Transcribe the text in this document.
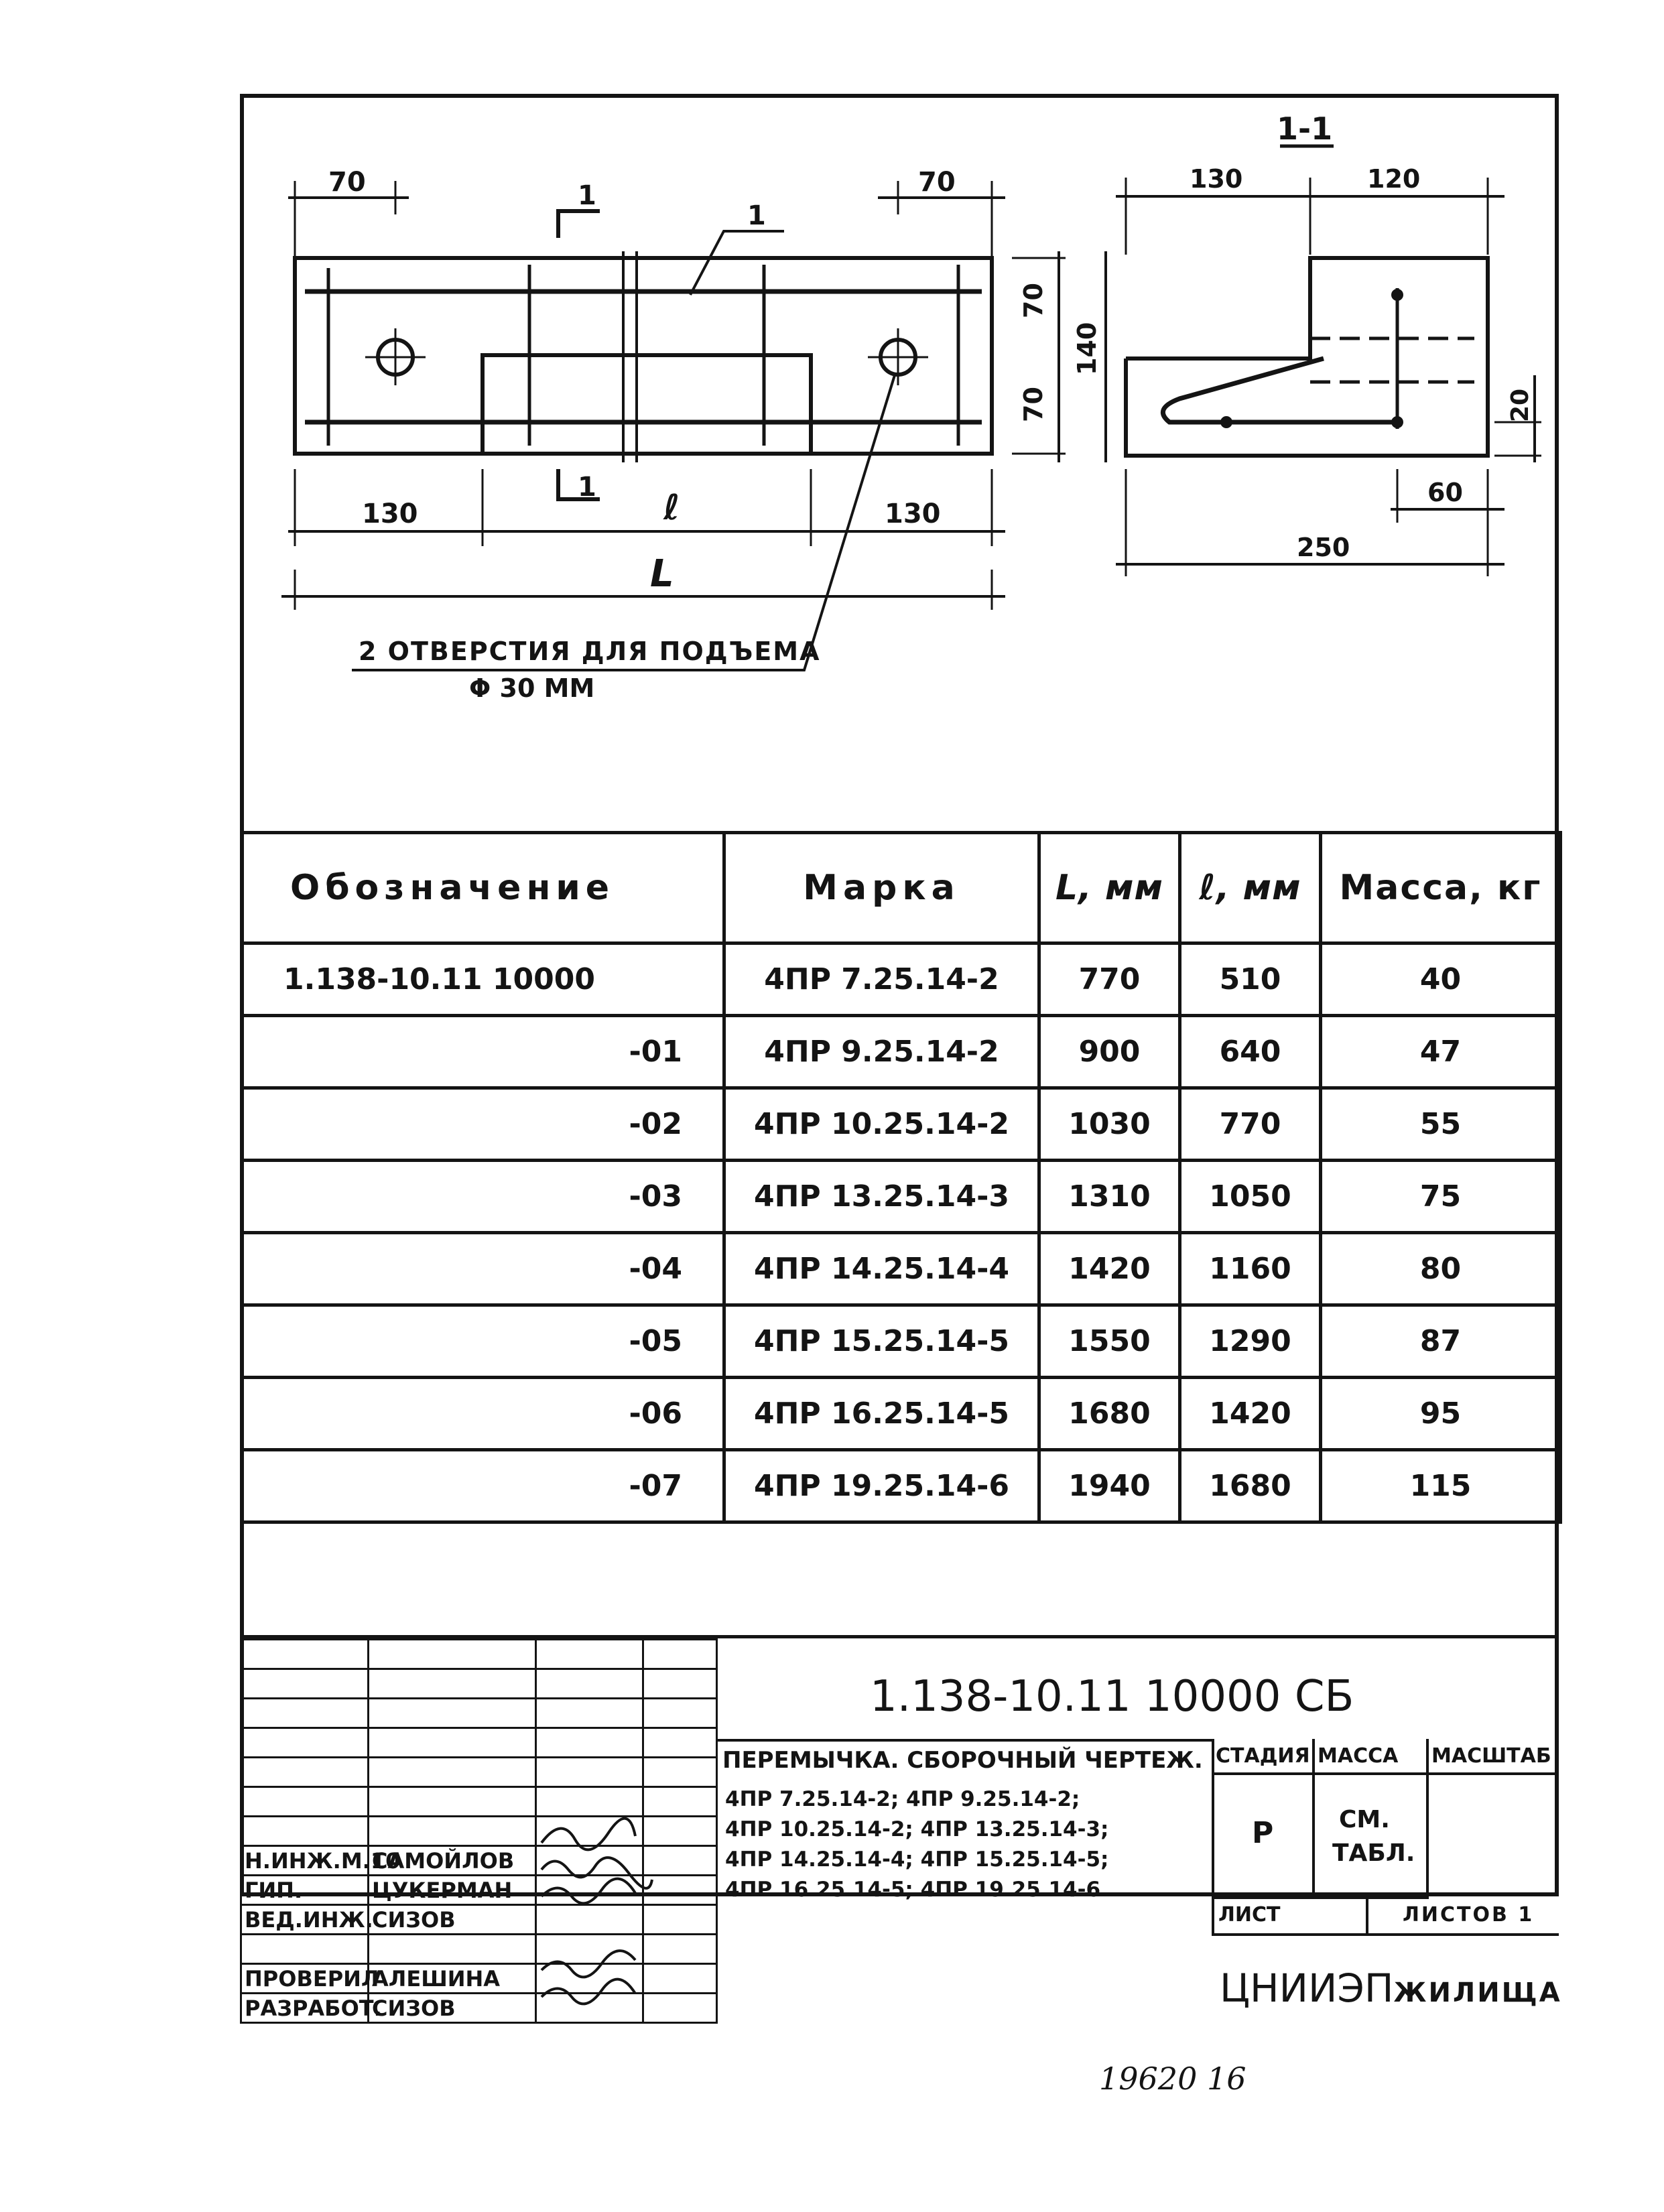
70	70
130	ℓ	130
L
1
1
1
70
70
140
1-1
130	120
250
60
20
2 ОТВЕРСТИЯ ДЛЯ ПОДЪЕМА
Φ 30 ММ
Обозначение	Марка	L, мм	ℓ, мм	Масса, кг
1.138-10.11 10000	4ПР 7.25.14-2	770	510	40
-01	4ПР 9.25.14-2	900	640	47
-02	4ПР 10.25.14-2	1030	770	55
-03	4ПР 13.25.14-3	1310	1050	75
-04	4ПР 14.25.14-4	1420	1160	80
-05	4ПР 15.25.14-5	1550	1290	87
-06	4ПР 16.25.14-5	1680	1420	95
-07	4ПР 19.25.14-6	1940	1680	115

Н.ИНЖ.М.10	САМОЙЛОВ		
ГИП.	ЦУКЕРМАН		
ВЕД.ИНЖ.	СИЗОВ		

ПРОВЕРИЛ	АЛЕШИНА		
РАЗРАБОТ.	СИЗОВ		
1.138-10.11 10000 СБ
ПЕРЕМЫЧКА. СБОРОЧНЫЙ ЧЕРТЕЖ.
4ПР 7.25.14-2; 4ПР 9.25.14-2;
4ПР 10.25.14-2; 4ПР 13.25.14-3;
4ПР 14.25.14-4; 4ПР 15.25.14-5;
4ПР 16.25.14-5; 4ПР 19.25.14-6
СТАДИЯ МАССА МАСШТАБ
Р	СМ.
ТАБЛ.
ЛИСТ	ЛИСТОВ 1
ЦНИИЭПЖИЛИЩА
19620 16
